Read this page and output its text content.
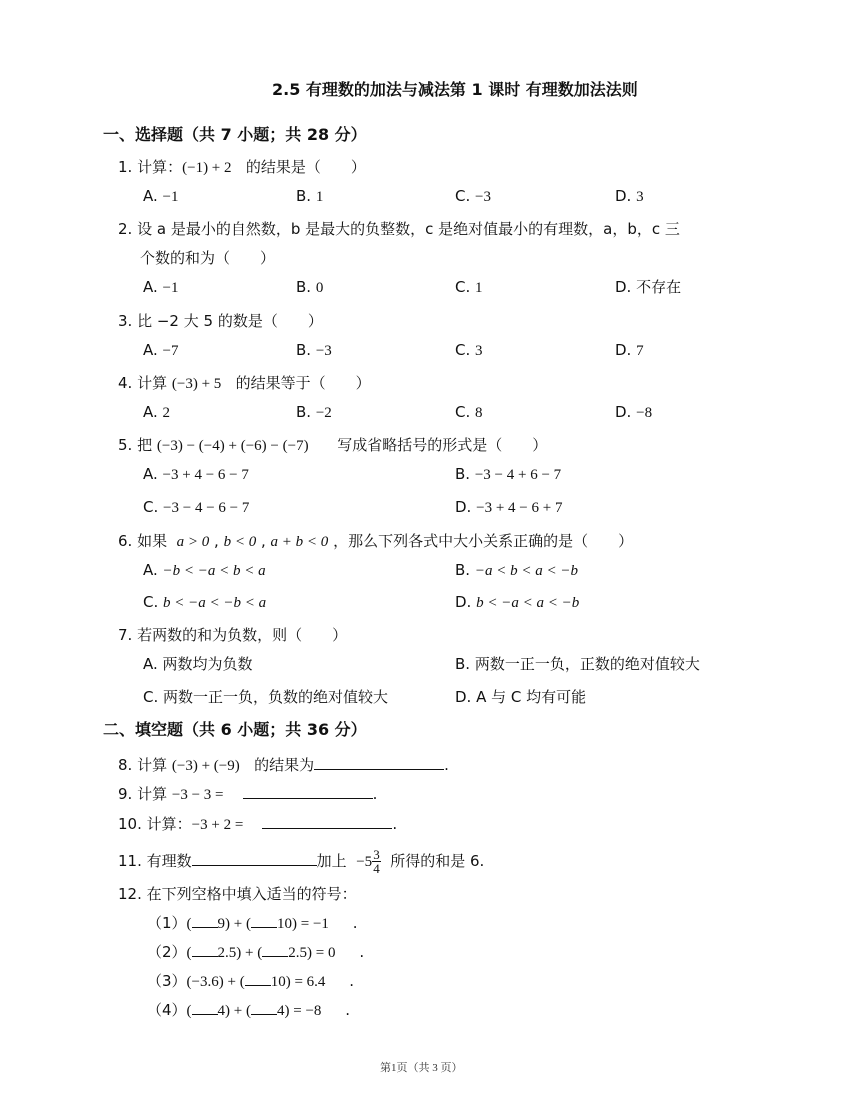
2.5 有理数的加法与减法第 1 课时 有理数加法法则
一、选择题（共 7 小题；共 28 分）
1. 计算：(−1) + 2 的结果是（　　）
A. −1	B. 1	C. −3	D. 3
2. 设 a 是最小的自然数，b 是最大的负整数，c 是绝对值最小的有理数，a，b，c 三
个数的和为（　　）
A. −1	B. 0	C. 1	D. 不存在
3. 比 −2 大 5 的数是（　　）
A. −7	B. −3	C. 3	D. 7
4. 计算 (−3) + 5 的结果等于（　　）
A. 2	B. −2	C. 8	D. −8
5. 把 (−3) − (−4) + (−6) − (−7) 写成省略括号的形式是（　　）
A. −3 + 4 − 6 − 7	B. −3 − 4 + 6 − 7
C. −3 − 4 − 6 − 7	D. −3 + 4 − 6 + 7
6. 如果 a > 0 , b < 0 , a + b < 0 ，那么下列各式中大小关系正确的是（　　）
A. −b < −a < b < a	B. −a < b < a < −b
C. b < −a < −b < a	D. b < −a < a < −b
7. 若两数的和为负数，则（　　）
A. 两数均为负数	B. 两数一正一负，正数的绝对值较大
C. 两数一正一负，负数的绝对值较大	D. A 与 C 均有可能
二、填空题（共 6 小题；共 36 分）
8. 计算 (−3) + (−9) 的结果为	.
9. 计算 −3 − 3 =	.
10. 计算：−3 + 2 =	.
11. 有理数	加上 $-5 \frac{3}{4}$ 所得的和是 6.
12. 在下列空格中填入适当的符号：
（1）( 9) + ( 10) = −1 .
（2）( 2.5) + ( 2.5) = 0 .
（3）(−3.6) + ( 10) = 6.4 .
（4）( 4) + ( 4) = −8 .
第1页（共 3 页）
